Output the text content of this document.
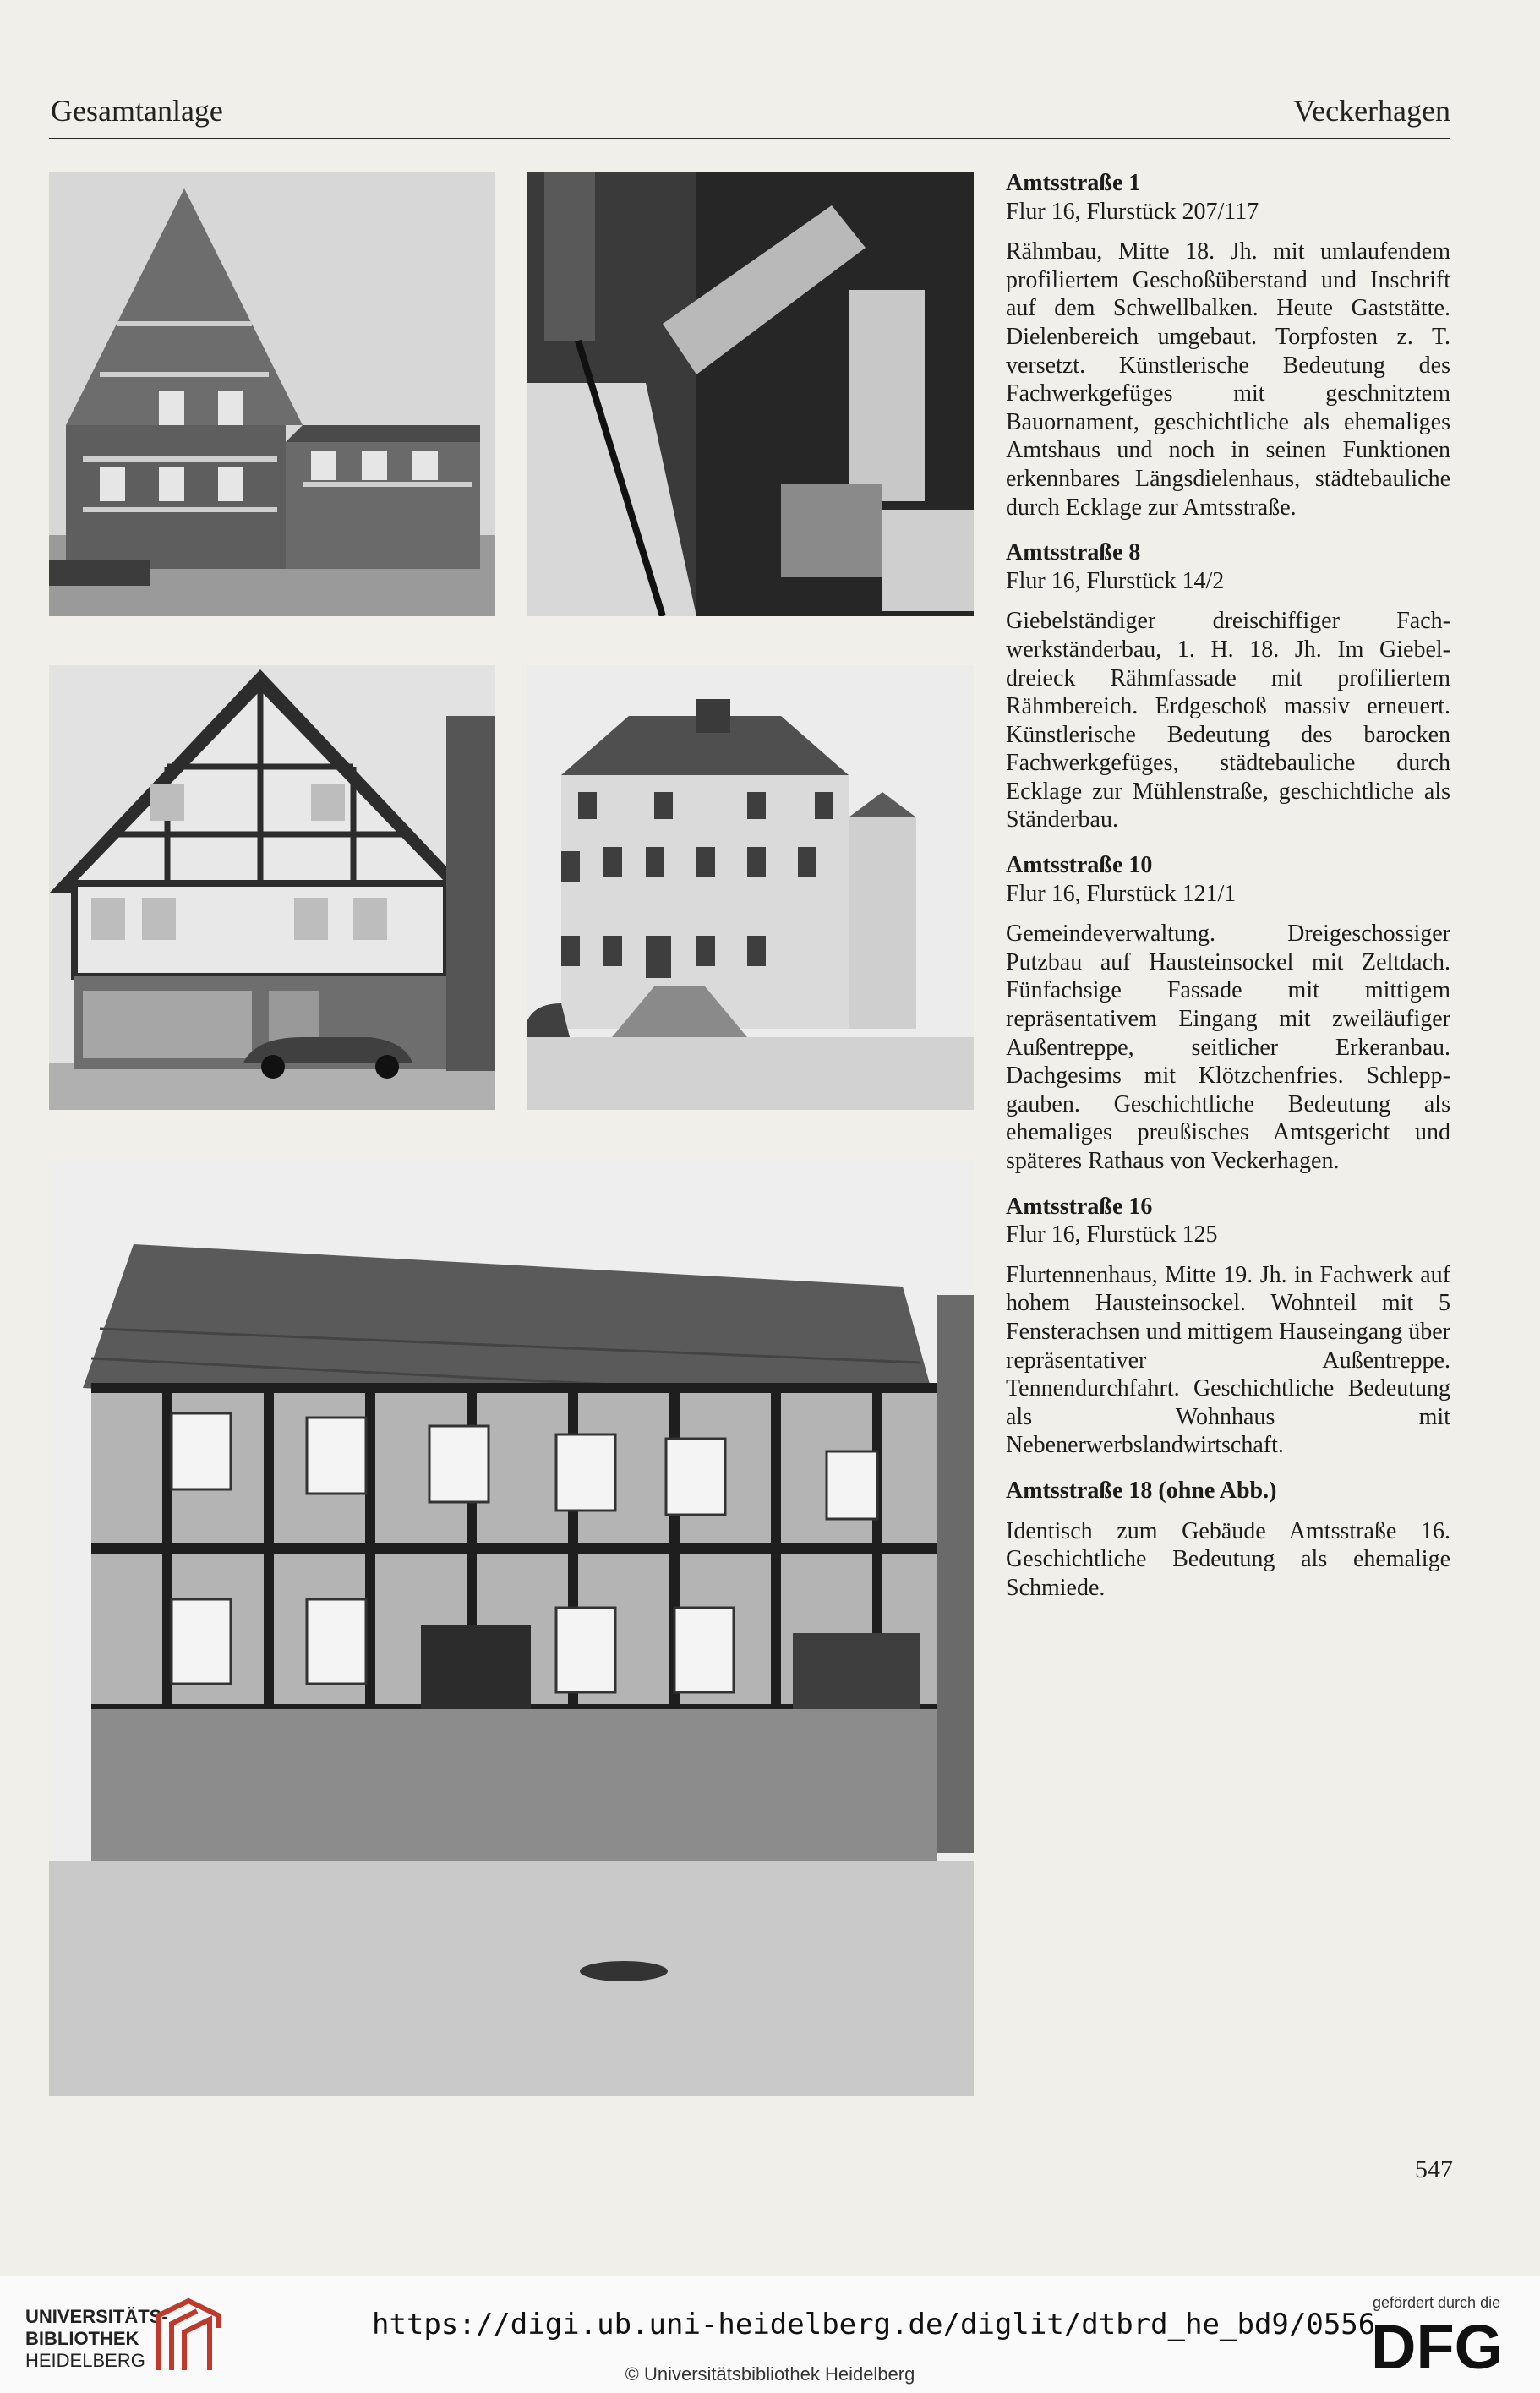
Gesamtanlage	Veckerhagen
Amtsstraße 1

Flur 16, Flurstück 207/117

Rähmbau, Mitte 18. Jh. mit umlaufendem profiliertem Geschoßüberstand und Inschrift auf dem Schwellbalken. Heute Gaststätte. Dielenbereich umgebaut. Torpfosten z. T. versetzt. Künstlerische Bedeutung des Fachwerkgefüges mit geschnitztem Bauornament, geschichtliche als ehemaliges Amtshaus und noch in seinen Funktionen erkennbares Längsdielenhaus, städtebauliche durch Ecklage zur Amtsstraße.

Amtsstraße 8

Flur 16, Flurstück 14/2

Giebelständiger dreischiffiger Fachwerkständerbau, 1. H. 18. Jh. Im Giebeldreieck Rähmfassade mit profiliertem Rähmbereich. Erdgeschoß massiv erneuert. Künstlerische Bedeutung des barocken Fachwerkgefüges, städtebauliche durch Ecklage zur Mühlenstraße, geschichtliche als Ständerbau.

Amtsstraße 10

Flur 16, Flurstück 121/1

Gemeindeverwaltung. Dreigeschossiger Putzbau auf Hausteinsockel mit Zeltdach. Fünfachsige Fassade mit mittigem repräsentativem Eingang mit zweiläufiger Außentreppe, seitlicher Erkeranbau. Dachgesims mit Klötzchenfries. Schleppgauben. Geschichtliche Bedeutung als ehemaliges preußisches Amtsgericht und späteres Rathaus von Veckerhagen.

Amtsstraße 16

Flur 16, Flurstück 125

Flurtennenhaus, Mitte 19. Jh. in Fachwerk auf hohem Hausteinsockel. Wohnteil mit 5 Fensterachsen und mittigem Hauseingang über repräsentativer Außentreppe. Tennendurchfahrt. Geschichtliche Bedeutung als Wohnhaus mit Nebenerwerbslandwirtschaft.

Amtsstraße 18 (ohne Abb.)

Identisch zum Gebäude Amtsstraße 16. Geschichtliche Bedeutung als ehemalige Schmiede.

547
UNIVERSITÄTS-
BIBLIOTHEK
HEIDELBERG
https://digi.ub.uni-heidelberg.de/diglit/dtbrd_he_bd9/0556
© Universitätsbibliothek Heidelberg
gefördert durch die
DFG
